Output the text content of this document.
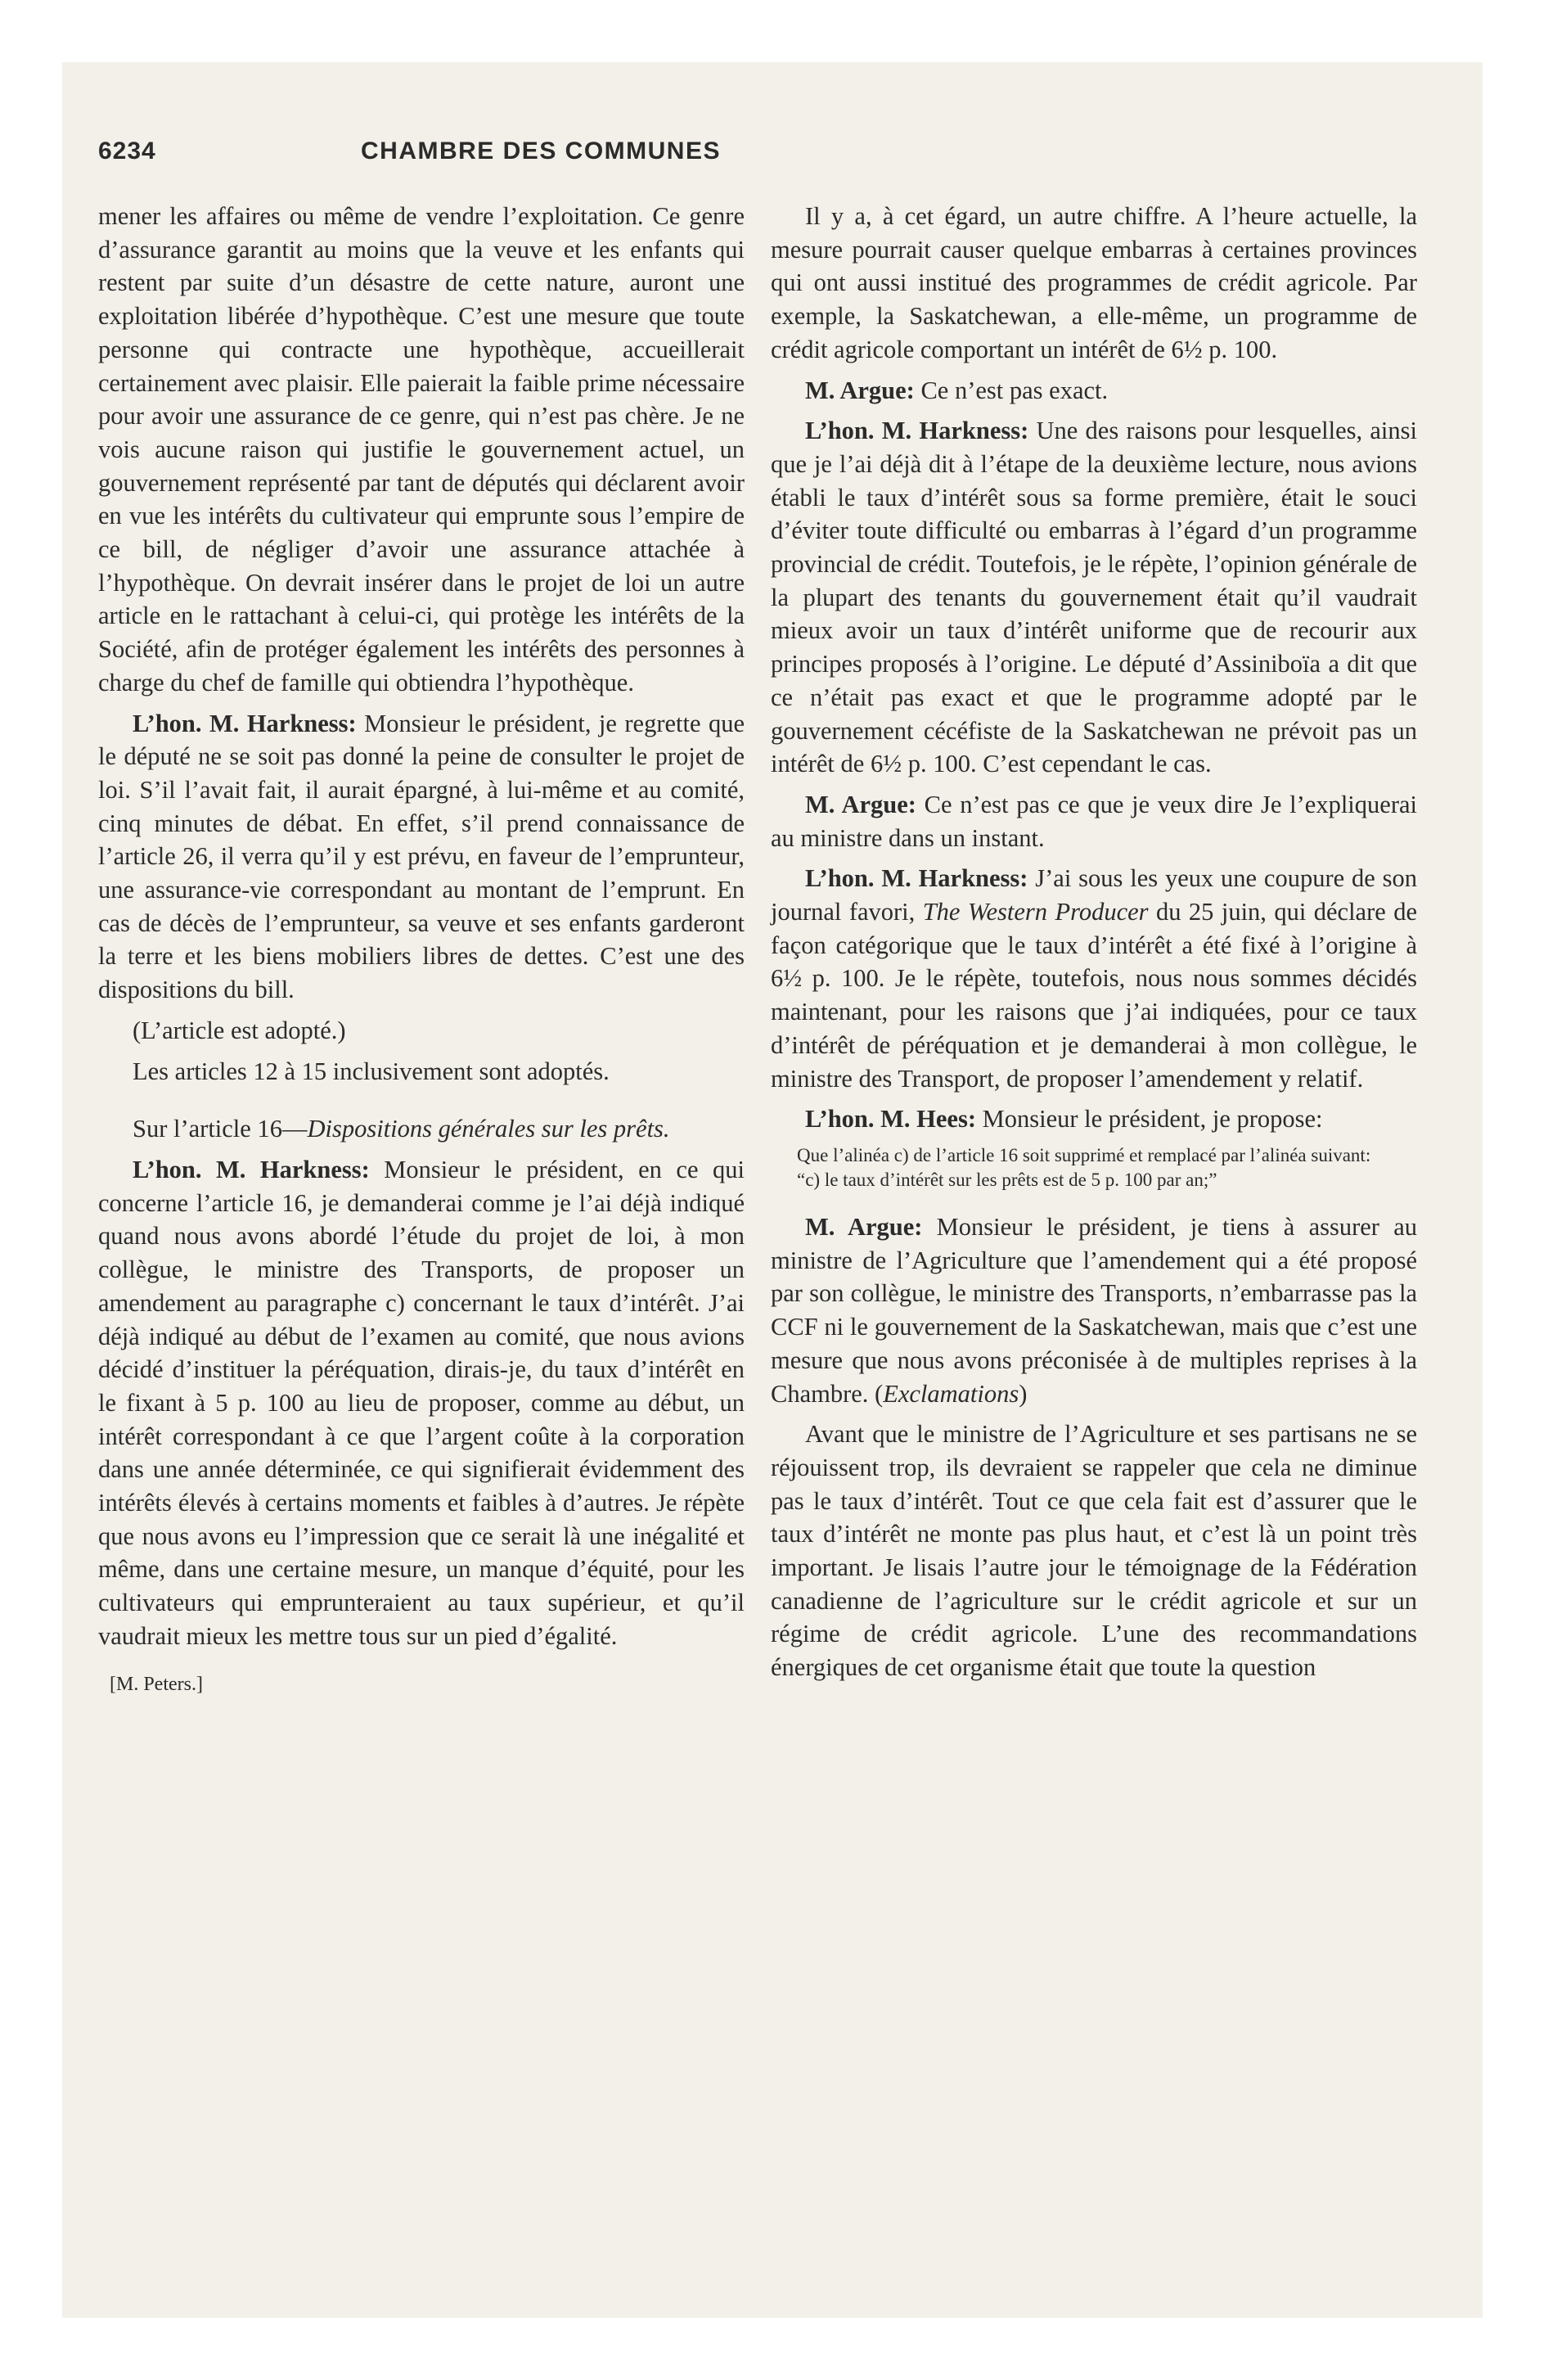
6234	CHAMBRE DES COMMUNES

mener les affaires ou même de vendre l’exploitation. Ce genre d’assurance garantit au moins que la veuve et les enfants qui restent par suite d’un désastre de cette nature, auront une exploitation libérée d’hypothèque. C’est une mesure que toute personne qui contracte une hypothèque, accueillerait certainement avec plaisir. Elle paierait la faible prime nécessaire pour avoir une assurance de ce genre, qui n’est pas chère. Je ne vois aucune raison qui justifie le gouvernement actuel, un gouvernement représenté par tant de députés qui déclarent avoir en vue les intérêts du cultivateur qui emprunte sous l’empire de ce bill, de négliger d’avoir une assurance attachée à l’hypothèque. On devrait insérer dans le projet de loi un autre article en le rattachant à celui-ci, qui protège les intérêts de la Société, afin de protéger également les intérêts des personnes à charge du chef de famille qui obtiendra l’hypothèque.

L’hon. M. Harkness: Monsieur le président, je regrette que le député ne se soit pas donné la peine de consulter le projet de loi. S’il l’avait fait, il aurait épargné, à lui-même et au comité, cinq minutes de débat. En effet, s’il prend connaissance de l’article 26, il verra qu’il y est prévu, en faveur de l’emprunteur, une assurance-vie correspondant au montant de l’emprunt. En cas de décès de l’emprunteur, sa veuve et ses enfants garderont la terre et les biens mobiliers libres de dettes. C’est une des dispositions du bill.

(L’article est adopté.)

Les articles 12 à 15 inclusivement sont adoptés.

Sur l’article 16—Dispositions générales sur les prêts.

L’hon. M. Harkness: Monsieur le président, en ce qui concerne l’article 16, je demanderai comme je l’ai déjà indiqué quand nous avons abordé l’étude du projet de loi, à mon collègue, le ministre des Transports, de proposer un amendement au paragraphe c) concernant le taux d’intérêt. J’ai déjà indiqué au début de l’examen au comité, que nous avions décidé d’instituer la péréquation, dirais-je, du taux d’intérêt en le fixant à 5 p. 100 au lieu de proposer, comme au début, un intérêt correspondant à ce que l’argent coûte à la corporation dans une année déterminée, ce qui signifierait évidemment des intérêts élevés à certains moments et faibles à d’autres. Je répète que nous avons eu l’impression que ce serait là une inégalité et même, dans une certaine mesure, un manque d’équité, pour les cultivateurs qui emprunteraient au taux supérieur, et qu’il vaudrait mieux les mettre tous sur un pied d’égalité.

[M. Peters.]

Il y a, à cet égard, un autre chiffre. A l’heure actuelle, la mesure pourrait causer quelque embarras à certaines provinces qui ont aussi institué des programmes de crédit agricole. Par exemple, la Saskatchewan, a elle-même, un programme de crédit agricole comportant un intérêt de 6½ p. 100.

M. Argue: Ce n’est pas exact.

L’hon. M. Harkness: Une des raisons pour lesquelles, ainsi que je l’ai déjà dit à l’étape de la deuxième lecture, nous avions établi le taux d’intérêt sous sa forme première, était le souci d’éviter toute difficulté ou embarras à l’égard d’un programme provincial de crédit. Toutefois, je le répète, l’opinion générale de la plupart des tenants du gouvernement était qu’il vaudrait mieux avoir un taux d’intérêt uniforme que de recourir aux principes proposés à l’origine. Le député d’Assiniboïa a dit que ce n’était pas exact et que le programme adopté par le gouvernement cécéfiste de la Saskatchewan ne prévoit pas un intérêt de 6½ p. 100. C’est cependant le cas.

M. Argue: Ce n’est pas ce que je veux dire Je l’expliquerai au ministre dans un instant.

L’hon. M. Harkness: J’ai sous les yeux une coupure de son journal favori, The Western Producer du 25 juin, qui déclare de façon catégorique que le taux d’intérêt a été fixé à l’origine à 6½ p. 100. Je le répète, toutefois, nous nous sommes décidés maintenant, pour les raisons que j’ai indiquées, pour ce taux d’intérêt de péréquation et je demanderai à mon collègue, le ministre des Transport, de proposer l’amendement y relatif.

L’hon. M. Hees: Monsieur le président, je propose:

Que l’alinéa c) de l’article 16 soit supprimé et remplacé par l’alinéa suivant:
“c) le taux d’intérêt sur les prêts est de 5 p. 100 par an;”

M. Argue: Monsieur le président, je tiens à assurer au ministre de l’Agriculture que l’amendement qui a été proposé par son collègue, le ministre des Transports, n’embarrasse pas la CCF ni le gouvernement de la Saskatchewan, mais que c’est une mesure que nous avons préconisée à de multiples reprises à la Chambre. (Exclamations)

Avant que le ministre de l’Agriculture et ses partisans ne se réjouissent trop, ils devraient se rappeler que cela ne diminue pas le taux d’intérêt. Tout ce que cela fait est d’assurer que le taux d’intérêt ne monte pas plus haut, et c’est là un point très important. Je lisais l’autre jour le témoignage de la Fédération canadienne de l’agriculture sur le crédit agricole et sur un régime de crédit agricole. L’une des recommandations énergiques de cet organisme était que toute la question
